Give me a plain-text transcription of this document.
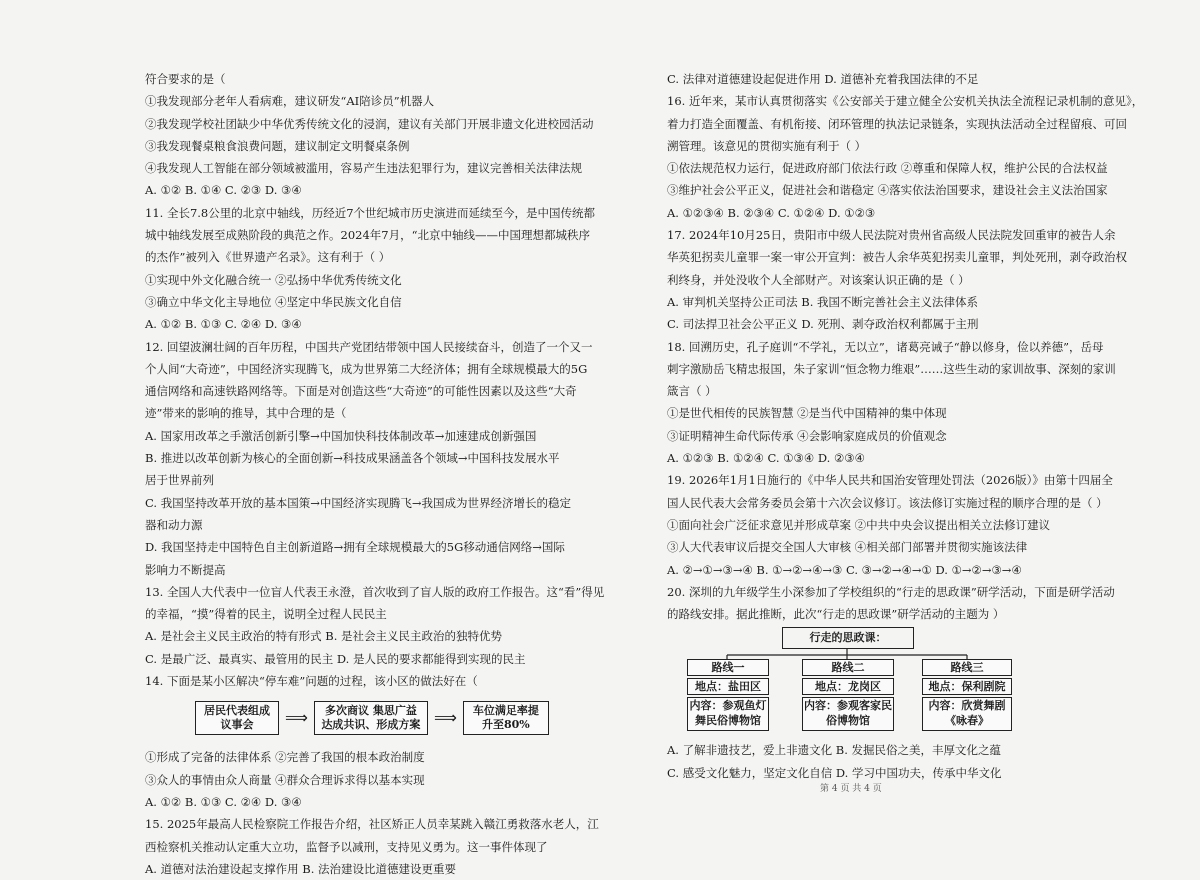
符合要求的是（
①我发现部分老年人看病难，建议研发“AI陪诊员”机器人
②我发现学校社团缺少中华优秀传统文化的浸润，建议有关部门开展非遗文化进校园活动
③我发现餐桌粮食浪费问题，建议制定文明餐桌条例
④我发现人工智能在部分领域被滥用，容易产生违法犯罪行为，建议完善相关法律法规
A. ①② B. ①④ C. ②③ D. ③④
11. 全长7.8公里的北京中轴线，历经近7个世纪城市历史演进而延续至今，是中国传统都
城中轴线发展至成熟阶段的典范之作。2024年7月，“北京中轴线——中国理想都城秩序
的杰作”被列入《世界遗产名录》。这有利于（ ）
①实现中外文化融合统一 ②弘扬中华优秀传统文化
③确立中华文化主导地位 ④坚定中华民族文化自信
A. ①② B. ①③ C. ②④ D. ③④
12. 回望波澜壮阔的百年历程，中国共产党团结带领中国人民接续奋斗，创造了一个又一
个人间“大奇迹”，中国经济实现腾飞，成为世界第二大经济体；拥有全球规模最大的5G
通信网络和高速铁路网络等。下面是对创造这些“大奇迹”的可能性因素以及这些“大奇
迹”带来的影响的推导，其中合理的是（
A. 国家用改革之手激活创新引擎→中国加快科技体制改革→加速建成创新强国
B. 推进以改革创新为核心的全面创新→科技成果涵盖各个领域→中国科技发展水平
居于世界前列
C. 我国坚持改革开放的基本国策→中国经济实现腾飞→我国成为世界经济增长的稳定
器和动力源
D. 我国坚持走中国特色自主创新道路→拥有全球规模最大的5G移动通信网络→国际
影响力不断提高
13. 全国人大代表中一位盲人代表王永澄，首次收到了盲人版的政府工作报告。这“看”得见
的幸福，“摸”得着的民主，说明全过程人民民主
A. 是社会主义民主政治的特有形式 B. 是社会主义民主政治的独特优势
C. 是最广泛、最真实、最管用的民主 D. 是人民的要求都能得到实现的民主
14. 下面是某小区解决“停车难”问题的过程，该小区的做法好在（
居民代表组成议事会	⟹	多次商议 集思广益 达成共识、形成方案 ⟹	车位满足率提升至80%
①形成了完备的法律体系 ②完善了我国的根本政治制度
③众人的事情由众人商量 ④群众合理诉求得以基本实现
A. ①② B. ①③ C. ②④ D. ③④
15. 2025年最高人民检察院工作报告介绍，社区矫正人员幸某跳入赣江勇救落水老人，江
西检察机关推动认定重大立功，监督予以减刑，支持见义勇为。这一事件体现了
A. 道德对法治建设起支撑作用 B. 法治建设比道德建设更重要
C. 法律对道德建设起促进作用 D. 道德补充着我国法律的不足
16. 近年来，某市认真贯彻落实《公安部关于建立健全公安机关执法全流程记录机制的意见》，
着力打造全面覆盖、有机衔接、闭环管理的执法记录链条，实现执法活动全过程留痕、可回
溯管理。该意见的贯彻实施有利于（ ）
①依法规范权力运行，促进政府部门依法行政 ②尊重和保障人权，维护公民的合法权益
③维护社会公平正义，促进社会和谐稳定 ④落实依法治国要求，建设社会主义法治国家
A. ①②③④ B. ②③④ C. ①②④ D. ①②③
17. 2024年10月25日，贵阳市中级人民法院对贵州省高级人民法院发回重审的被告人余
华英犯拐卖儿童罪一案一审公开宣判：被告人余华英犯拐卖儿童罪，判处死刑，剥夺政治权
利终身，并处没收个人全部财产。对该案认识正确的是（ ）
A. 审判机关坚持公正司法 B. 我国不断完善社会主义法律体系
C. 司法捍卫社会公平正义 D. 死刑、剥夺政治权利都属于主刑
18. 回溯历史，孔子庭训“不学礼，无以立”，诸葛亮诫子“静以修身，俭以养德”，岳母
刺字激励岳飞精忠报国，朱子家训“恒念物力维艰”……这些生动的家训故事、深刻的家训
箴言（ ）
①是世代相传的民族智慧 ②是当代中国精神的集中体现
③证明精神生命代际传承 ④会影响家庭成员的价值观念
A. ①②③ B. ①②④ C. ①③④ D. ②③④
19. 2026年1月1日施行的《中华人民共和国治安管理处罚法（2026版）》由第十四届全
国人民代表大会常务委员会第十六次会议修订。该法修订实施过程的顺序合理的是（ ）
①面向社会广泛征求意见并形成草案 ②中共中央会议提出相关立法修订建议
③人大代表审议后提交全国人大审核 ④相关部门部署并贯彻实施该法律
A. ②→①→③→④ B. ①→②→④→③ C. ③→②→④→① D. ①→②→③→④
20. 深圳的九年级学生小深参加了学校组织的“行走的思政课”研学活动，下面是研学活动
的路线安排。据此推断，此次“行走的思政课”研学活动的主题为 ）
行走的思政课：
路线一
地点：盐田区
内容：参观鱼灯舞民俗博物馆
路线二
地点：龙岗区
内容：参观客家民俗博物馆
路线三
地点：保利剧院
内容：欣赏舞剧《咏春》
A. 了解非遗技艺，爱上非遗文化 B. 发掘民俗之美，丰厚文化之蕴
C. 感受文化魅力，坚定文化自信 D. 学习中国功夫，传承中华文化
第 4 页 共 4 页
